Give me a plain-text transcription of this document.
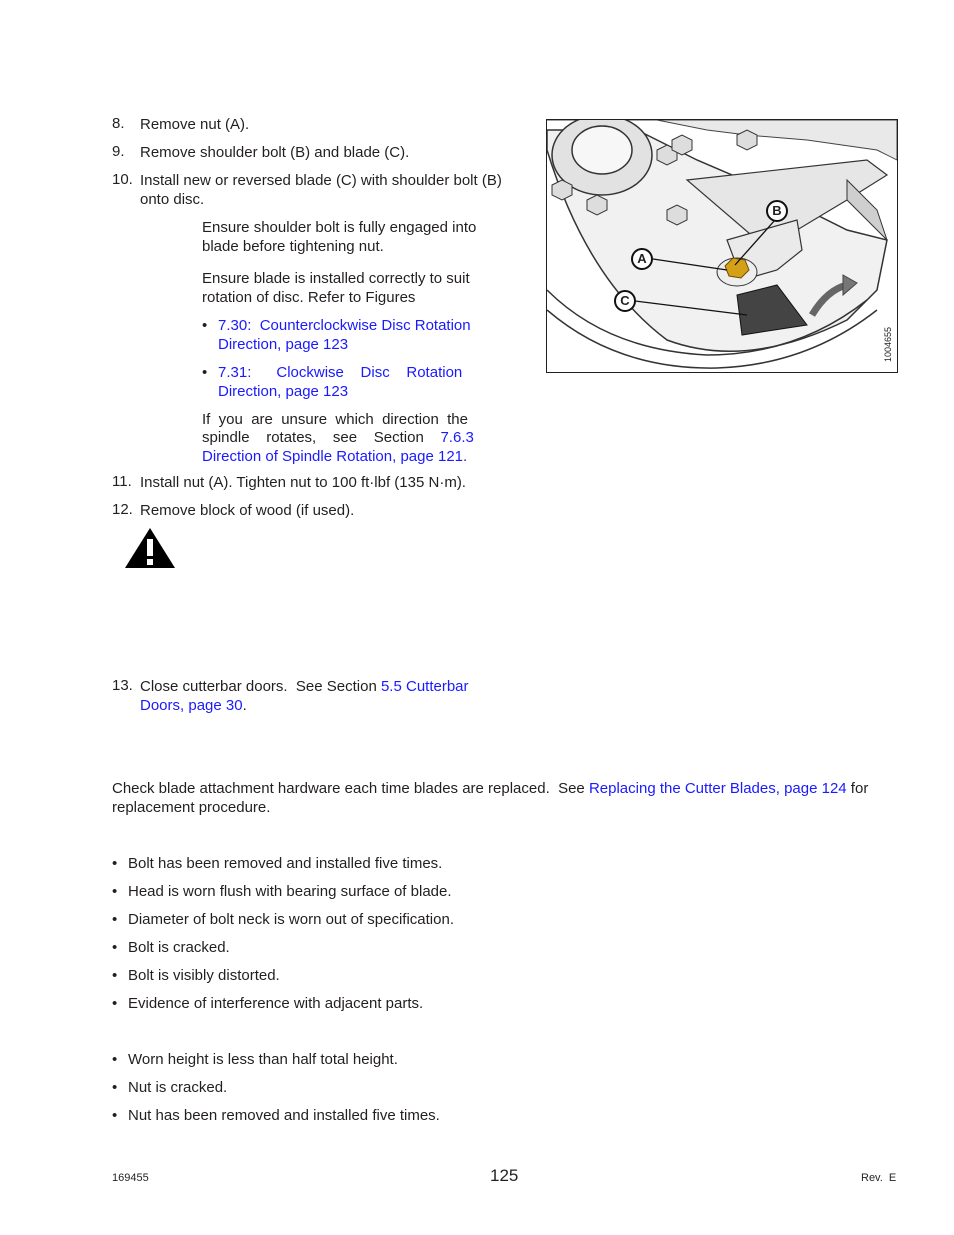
8. Remove nut (A).
9. Remove shoulder bolt (B) and blade (C).
10. Install new or reversed blade (C) with shoulder bolt (B)
onto disc.
Ensure shoulder bolt is fully engaged into
blade before tightening nut.
Ensure blade is installed correctly to suit
rotation of disc. Refer to Figures
• 7.30:  Counterclockwise Disc Rotation
Direction, page 123
• 7.31:      Clockwise    Disc    Rotation
Direction, page 123
If  you  are  unsure  which  direction  the
spindle    rotates,    see    Section    7.6.3
Direction of Spindle Rotation, page 121.
11. Install nut (A). Tighten nut to 100 ft·lbf (135 N·m).
12. Remove block of wood (if used).
13. Close cutterbar doors.  See Section 5.5 Cutterbar
Doors, page 30.
Check blade attachment hardware each time blades are replaced.  See Replacing the Cutter Blades, page 124 for
replacement procedure.
• Bolt has been removed and installed five times.
• Head is worn flush with bearing surface of blade.
• Diameter of bolt neck is worn out of specification.
• Bolt is cracked.
• Bolt is visibly distorted.
• Evidence of interference with adjacent parts.
• Worn height is less than half total height.
• Nut is cracked.
• Nut has been removed and installed five times.
B
A
C
1004655
169455	125	Rev.  E
